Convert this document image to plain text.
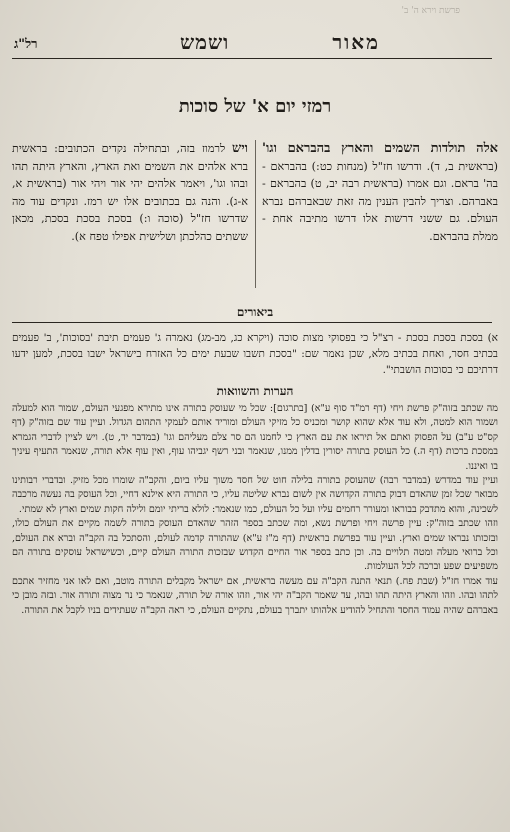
פרשת וירא ה' ב'
מאור
ושמש
רל"ג
רמזי יום א' של סוכות
אלה תולדות השמים והארץ בהבראם וגו' (בראשית ב, ד). ודרשו חז"ל (מנחות כט:) בהבראם - בה' בראם. וגם אמרו (בראשית רבה יב, ט) בהבראם - באברהם. וצריך להבין הענין מה זאת שבאברהם נברא העולם. גם ששני דרשות אלו דרשו מתיבה אחת - ממלת בהבראם.
ויש לרמוז בזה, ובתחילה נקדים הכתובים: בראשית ברא אלהים את השמים ואת הארץ, והארץ היתה תהו ובהו וגו', ויאמר אלהים יהי אור ויהי אור (בראשית א, א-ג). והנה גם בכתובים אלו יש רמז. ונקדים עוד מה שדרשו חז"ל (סוכה ו:) בסכת בסכת בסכת, מכאן ששתים כהלכתן ושלישית אפילו טפח א).
ביאורים
א) בסכת בסכת בסכת - רצ"ל כי בפסוקי מצות סוכה (ויקרא כג, מב-מג) נאמרה ג' פעמים תיבת 'בסוכות', ב' פעמים בכתיב חסר, ואחת בכתיב מלא, שכן נאמר שם: "בסכת תשבו שבעת ימים כל האזרח בישראל ישבו בסכת, למען ידעו דרתיכם כי בסוכות הושבתי".
הערות והשוואות

מה שכתב בזוה"ק פרשת ויחי (דף רמ"ד סוף ע"א) [בתרגום]: שכל מי שעוסק בתורה אינו מתירא מפגעי העולם, שמור הוא למעלה ושמור הוא למטה, ולא עוד אלא שהוא קושר ומכניס כל מזיקי העולם ומוריד אותם לעמקי התהום הגדול. ועיין עוד שם בזוה"ק (דף קס"ט ע"ב) על הפסוק ואתם אל תיראו את עם הארץ כי לחמנו הם סר צלם מעליהם וגו' (במדבר יד, ט). ויש לציין לדברי הגמרא במסכת ברכות (דף ה.) כל העוסק בתורה יסורין בדלין ממנו, שנאמר ובני רשף יגביהו עוף, ואין עוף אלא תורה, שנאמר התעיף עיניך בו ואיננו.

ועיין עוד במדרש (במדבר רבה) שהעוסק בתורה בלילה חוט של חסד משוך עליו ביום, והקב"ה שומרו מכל מזיק. ובדברי רבותינו מבואר שכל זמן שהאדם דבוק בתורה הקדושה אין לשום נברא שליטה עליו, כי התורה היא אילנא דחיי, וכל העוסק בה נעשה מרכבה לשכינה, והוא מתדבק בבוראו ומעורר רחמים עליו ועל כל העולם, כמו שנאמר: לולא בריתי יומם ולילה חקות שמים וארץ לא שמתי.

וזהו שכתב בזוה"ק: עיין פרשה ויחי ופרשת נשא, ומה שכתב בספר הזהר שהאדם העוסק בתורה לשמה מקיים את העולם כולו, ובזכותו נבראו שמים וארץ. ועיין עוד בפרשת בראשית (דף מ"ז ע"א) שהתורה קדמה לעולם, והסתכל בה הקב"ה וברא את העולם, וכל ברואי מעלה ומטה תלויים בה. וכן כתב בספר אור החיים הקדוש שבזכות התורה העולם קיים, וכשישראל עוסקים בתורה הם משפיעים שפע וברכה לכל העולמות.

עוד אמרו חז"ל (שבת פח.) תנאי התנה הקב"ה עם מעשה בראשית, אם ישראל מקבלים התורה מוטב, ואם לאו אני מחזיר אתכם לתהו ובהו. וזהו והארץ היתה תהו ובהו, עד שאמר הקב"ה יהי אור, וזהו אורה של תורה, שנאמר כי נר מצוה ותורה אור. ובזה מובן כי באברהם שהיה עמוד החסד והתחיל להודיע אלהותו יתברך בעולם, נתקיים העולם, כי ראה הקב"ה שעתידים בניו לקבל את התורה.
